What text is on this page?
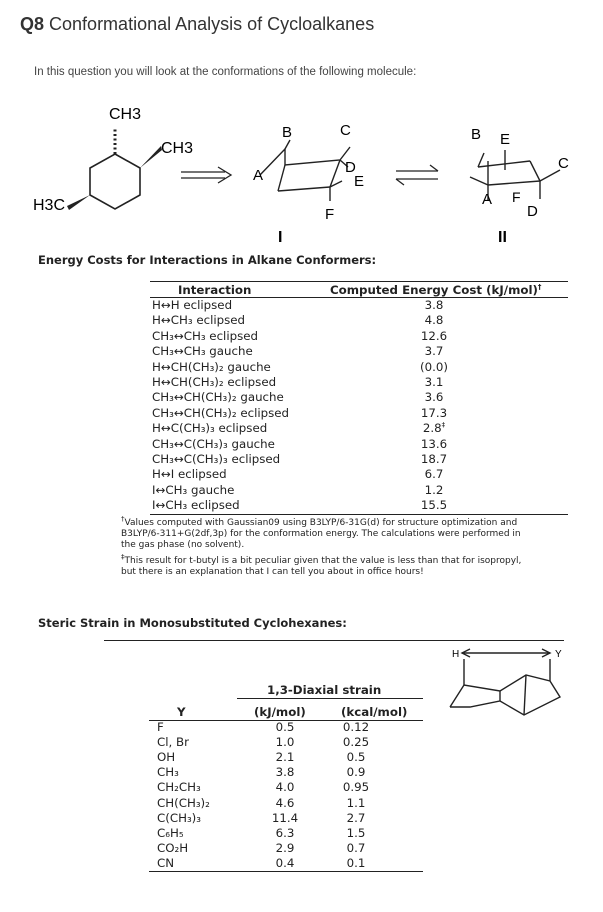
Q8 Conformational Analysis of Cycloalkanes
In this question you will look at the conformations of the following molecule:
CH3
CH3
H3C
A
B	C
D
E
F
I
B E
C
A F
D
II
Energy Costs for Interactions in Alkane Conformers:
Interaction	Computed Energy Cost (kJ/mol)†
H↔H eclipsed	3.8
H↔CH₃ eclipsed	4.8
CH₃↔CH₃ eclipsed	12.6
CH₃↔CH₃ gauche	3.7
H↔CH(CH₃)₂ gauche	(0.0)
H↔CH(CH₃)₂ eclipsed	3.1
CH₃↔CH(CH₃)₂ gauche	3.6
CH₃↔CH(CH₃)₂ eclipsed	17.3
H↔C(CH₃)₃ eclipsed	2.8‡
CH₃↔C(CH₃)₃ gauche	13.6
CH₃↔C(CH₃)₃ eclipsed	18.7
H↔I eclipsed	6.7
I↔CH₃ gauche	1.2
I↔CH₃ eclipsed	15.5
†Values computed with Gaussian09 using B3LYP/6-31G(d) for structure optimization and
B3LYP/6-311+G(2df,3p) for the conformation energy. The calculations were performed in
the gas phase (no solvent).
‡This result for t-butyl is a bit peculiar given that the value is less than that for isopropyl,
but there is an explanation that I can tell you about in office hours!
Steric Strain in Monosubstituted Cyclohexanes:
H	Y
1,3-Diaxial strain
Y	(kJ/mol)	(kcal/mol)
F	0.5	0.12
Cl, Br	1.0	0.25
OH	2.1	0.5
CH₃	3.8	0.9
CH₂CH₃	4.0	0.95
CH(CH₃)₂	4.6	1.1
C(CH₃)₃	11.4	2.7
C₆H₅	6.3	1.5
CO₂H	2.9	0.7
CN	0.4	0.1
